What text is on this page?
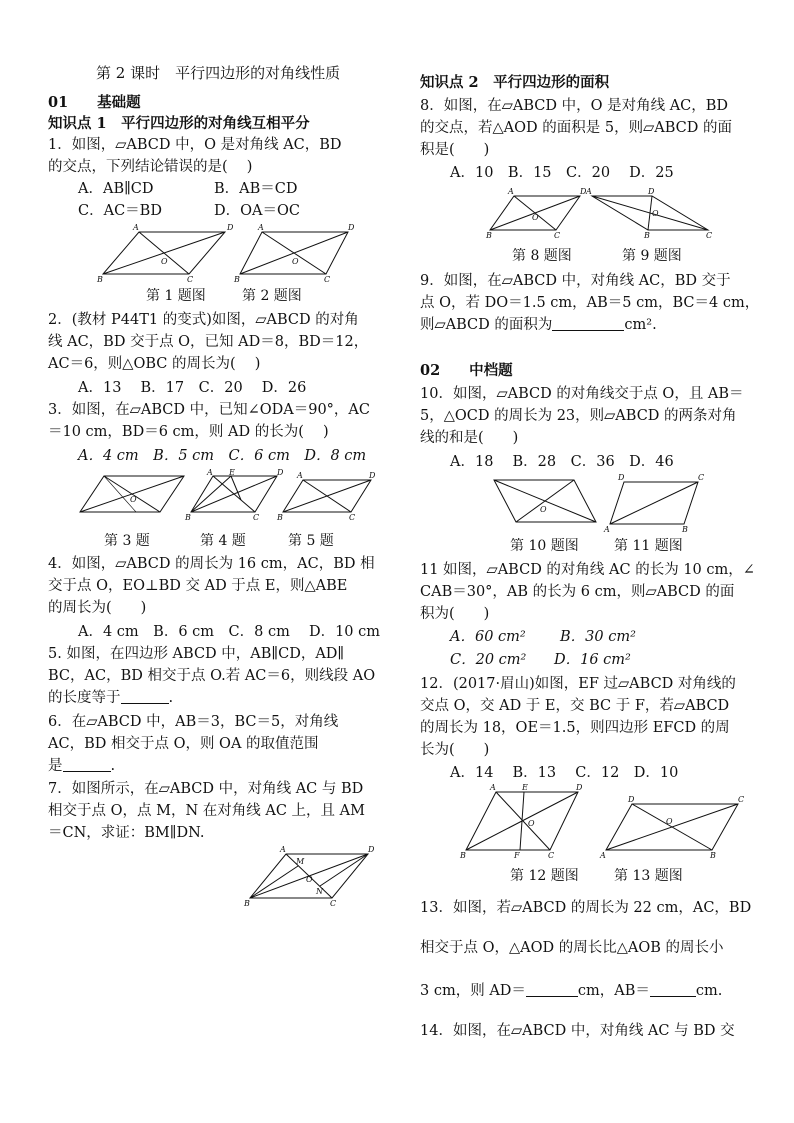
第 2 课时　平行四边形的对角线性质
01　　基础题
知识点 1　平行四边形的对角线互相平分
1．如图，▱ABCD 中，O 是对角线 AC，BD
的交点，下列结论错误的是(　 )
A．AB∥CD	B．AB＝CD
C．AC＝BD	D．OA＝OC
A	D
B	C
O
A	D
B	C
O
第 1 题图	第 2 题图
2．(教材 P44T1 的变式)如图，▱ABCD 的对角
线 AC，BD 交于点 O，已知 AD＝8，BD＝12，
AC＝6，则△OBC 的周长为(　 )
A．13　 B．17　C．20　 D．26
3．如图，在▱ABCD 中，已知∠ODA＝90°，AC
＝10 cm，BD＝6 cm，则 AD 的长为(　 )
A．4 cm　B．5 cm　C．6 cm　D．8 cm
O
A E	D
B	C
A	D
B	C
第 3 题	第 4 题	第 5 题
4．如图，▱ABCD 的周长为 16 cm，AC，BD 相
交于点 O，EO⊥BD 交 AD 于点 E，则△ABE
的周长为(　　)
A．4 cm　B．6 cm　C．8 cm　 D．10 cm
5. 如图，在四边形 ABCD 中，AB∥CD，AD∥
BC，AC，BD 相交于点 O.若 AC＝6，则线段 AO
的长度等于	.
6．在▱ABCD 中，AB＝3，BC＝5，对角线
AC，BD 相交于点 O，则 OA 的取值范围
是	.
7．如图所示，在▱ABCD 中，对角线 AC 与 BD
相交于点 O，点 M，N 在对角线 AC 上，且 AM
＝CN，求证：BM∥DN.
A	D
B	C
M
O
N
知识点 2　平行四边形的面积
8．如图，在▱ABCD 中，O 是对角线 AC，BD
的交点，若△AOD 的面积是 5，则▱ABCD 的面
积是(　　)
A．10　B．15　C．20　 D．25
A	D
B	C
O
A	D
B	C
O
第 8 题图	第 9 题图
9．如图，在▱ABCD 中，对角线 AC，BD 交于
点 O，若 DO＝1.5 cm，AB＝5 cm，BC＝4 cm，
则▱ABCD 的面积为	cm².
02　　中档题
10．如图，▱ABCD 的对角线交于点 O，且 AB＝
5，△OCD 的周长为 23，则▱ABCD 的两条对角
线的和是(　　)
A．18　 B．28　C．36　D．46
O
D	C
A	B
第 10 题图	第 11 题图
11 如图，▱ABCD 的对角线 AC 的长为 10 cm，∠
CAB＝30°，AB 的长为 6 cm，则▱ABCD 的面
积为(　　)
A．60 cm² B．30 cm²
C．20 cm² D．16 cm²
12．(2017·眉山)如图，EF 过▱ABCD 对角线的
交点 O，交 AD 于 E，交 BC 于 F，若▱ABCD
的周长为 18，OE＝1.5，则四边形 EFCD 的周
长为(　　)
A．14　 B．13　 C．12　D．10
A	E	D
B	F	C
O
D	C
A	B
O
第 12 题图	第 13 题图
13．如图，若▱ABCD 的周长为 22 cm，AC，BD
相交于点 O，△AOD 的周长比△AOB 的周长小
3 cm，则 AD＝	cm，AB＝	cm.
14．如图，在▱ABCD 中，对角线 AC 与 BD 交
